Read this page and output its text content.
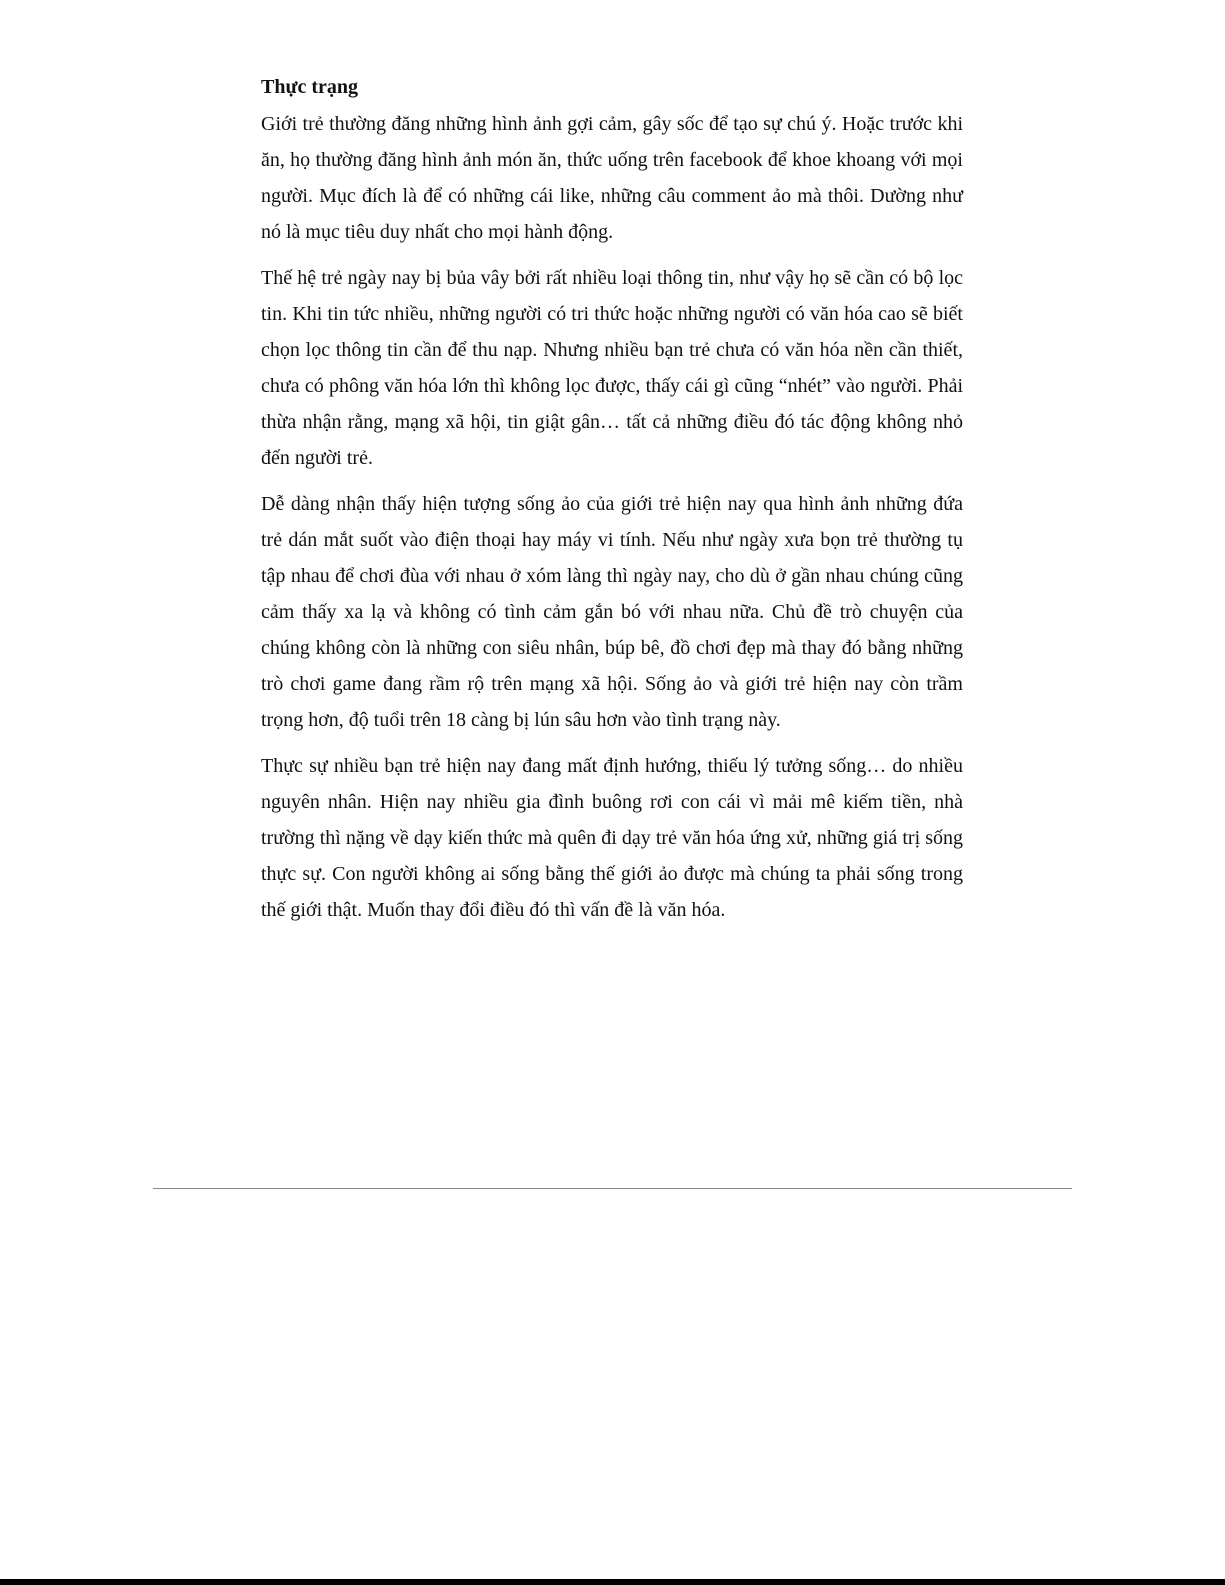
Thực trạng

Giới trẻ thường đăng những hình ảnh gợi cảm, gây sốc để tạo sự chú ý. Hoặc trước khi ăn, họ thường đăng hình ảnh món ăn, thức uống trên facebook để khoe khoang với mọi người. Mục đích là để có những cái like, những câu comment ảo mà thôi. Dường như nó là mục tiêu duy nhất cho mọi hành động.

Thế hệ trẻ ngày nay bị bủa vây bởi rất nhiều loại thông tin, như vậy họ sẽ cần có bộ lọc tin. Khi tin tức nhiều, những người có tri thức hoặc những người có văn hóa cao sẽ biết chọn lọc thông tin cần để thu nạp. Nhưng nhiều bạn trẻ chưa có văn hóa nền cần thiết, chưa có phông văn hóa lớn thì không lọc được, thấy cái gì cũng “nhét” vào người. Phải thừa nhận rằng, mạng xã hội, tin giật gân… tất cả những điều đó tác động không nhỏ đến người trẻ.

Dễ dàng nhận thấy hiện tượng sống ảo của giới trẻ hiện nay qua hình ảnh những đứa trẻ dán mắt suốt vào điện thoại hay máy vi tính. Nếu như ngày xưa bọn trẻ thường tụ tập nhau để chơi đùa với nhau ở xóm làng thì ngày nay, cho dù ở gần nhau chúng cũng cảm thấy xa lạ và không có tình cảm gắn bó với nhau nữa. Chủ đề trò chuyện của chúng không còn là những con siêu nhân, búp bê, đồ chơi đẹp mà thay đó bằng những trò chơi game đang rầm rộ trên mạng xã hội. Sống ảo và giới trẻ hiện nay còn trầm trọng hơn, độ tuổi trên 18 càng bị lún sâu hơn vào tình trạng này.

Thực sự nhiều bạn trẻ hiện nay đang mất định hướng, thiếu lý tưởng sống… do nhiều nguyên nhân. Hiện nay nhiều gia đình buông rơi con cái vì mải mê kiếm tiền, nhà trường thì nặng về dạy kiến thức mà quên đi dạy trẻ văn hóa ứng xử, những giá trị sống thực sự. Con người không ai sống bằng thế giới ảo được mà chúng ta phải sống trong thế giới thật. Muốn thay đổi điều đó thì vấn đề là văn hóa.
